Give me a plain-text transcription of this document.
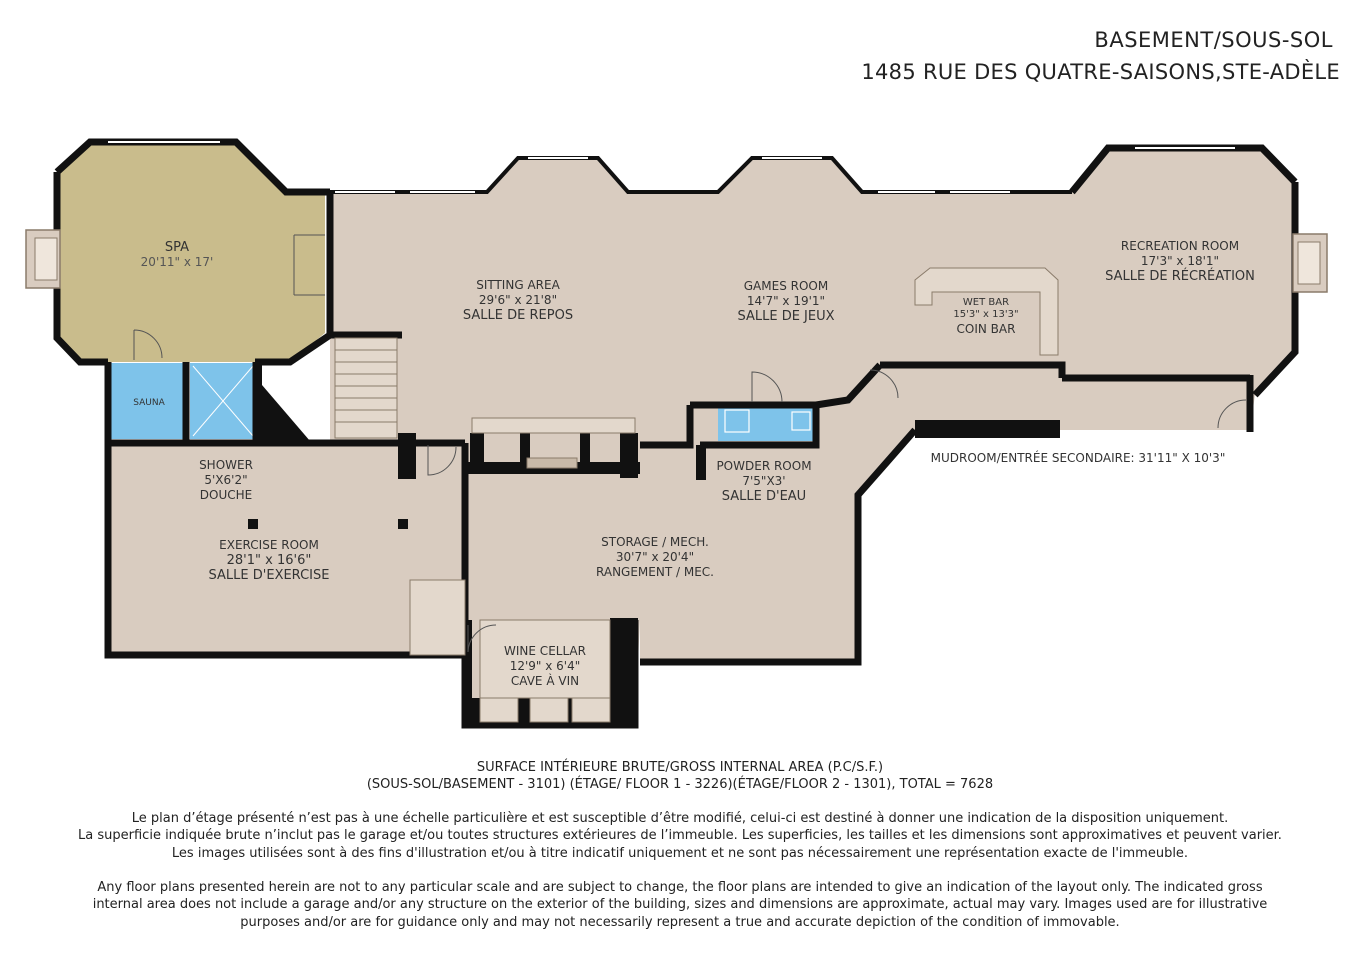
BASEMENT/SOUS-SOL
1485 RUE DES QUATRE-SAISONS,STE-ADÈLE
SPA
20'11" x 17'
SITTING AREA
29'6" x 21'8"
SALLE DE REPOS
GAMES ROOM
14'7" x 19'1"
SALLE DE JEUX
WET BAR
15'3" x 13'3"
COIN BAR
RECREATION ROOM
17'3" x 18'1"
SALLE DE RÉCRÉATION
SAUNA
SHOWER
5'X6'2"
DOUCHE
POWDER ROOM
7'5"X3'
SALLE D'EAU
MUDROOM/ENTRÉE SECONDAIRE: 31'11" X 10'3"
EXERCISE ROOM
28'1" x 16'6"
SALLE D'EXERCISE
STORAGE / MECH.
30'7" x 20'4"
RANGEMENT / MEC.
WINE CELLAR
12'9" x 6'4"
CAVE À VIN
SURFACE INTÉRIEURE BRUTE/GROSS INTERNAL AREA (P.C/S.F.)
(SOUS-SOL/BASEMENT - 3101) (ÉTAGE/ FLOOR 1 - 3226)(ÉTAGE/FLOOR 2 - 1301), TOTAL = 7628
Le plan d’étage présenté n’est pas à une échelle particulière et est susceptible d’être modifié, celui-ci est destiné à donner une indication de la disposition uniquement.
La superficie indiquée brute n’inclut pas le garage et/ou toutes structures extérieures de l’immeuble. Les superficies, les tailles et les dimensions sont approximatives et peuvent varier.
Les images utilisées sont à des fins d'illustration et/ou à titre indicatif uniquement et ne sont pas nécessairement une représentation exacte de l'immeuble.
Any floor plans presented herein are not to any particular scale and are subject to change, the floor plans are intended to give an indication of the layout only. The indicated gross
internal area does not include a garage and/or any structure on the exterior of the building, sizes and dimensions are approximate, actual may vary. Images used are for illustrative
purposes and/or are for guidance only and may not necessarily represent a true and accurate depiction of the condition of immovable.
